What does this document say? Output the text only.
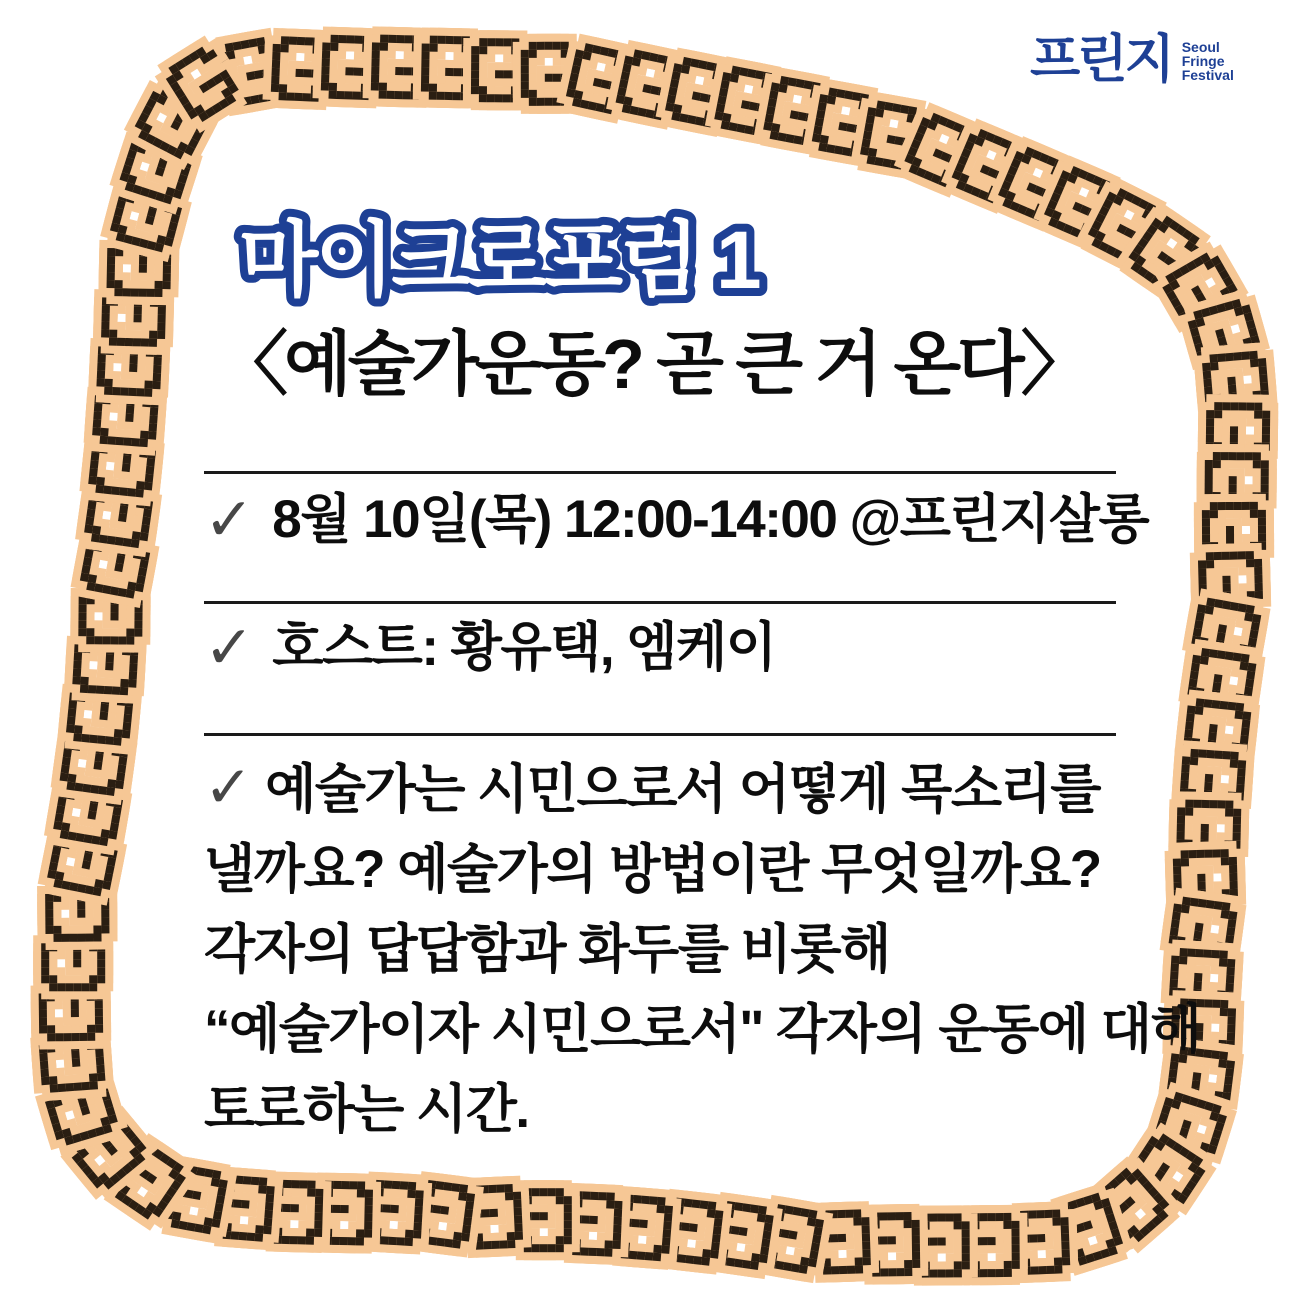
프린지 Seoul
Fringe
Festival
마이크로포럼 1
〈예술가운동? 곧 큰 거 온다〉
✓ 8월 10일(목) 12:00-14:00 @프린지살롱
✓ 호스트: 황유택, 엠케이
✓ 예술가는 시민으로서 어떻게 목소리를
낼까요? 예술가의 방법이란 무엇일까요?
각자의 답답함과 화두를 비롯해
“예술가이자 시민으로서" 각자의 운동에 대해
토로하는 시간.
